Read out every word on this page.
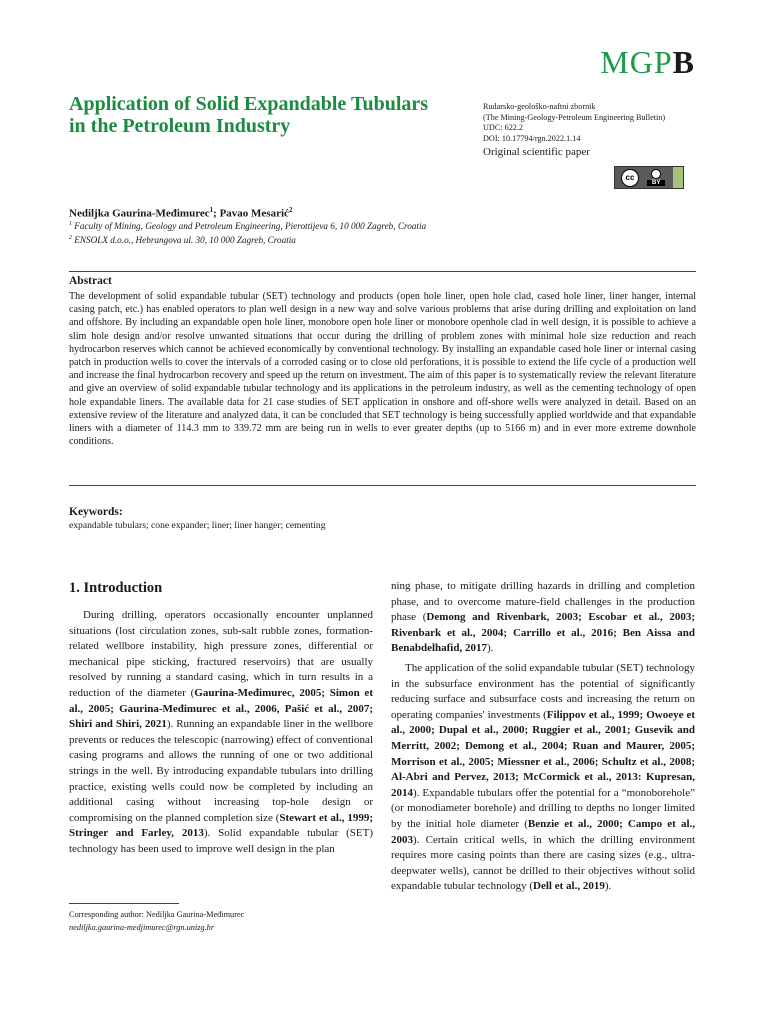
MGPB
Application of Solid Expandable Tubulars in the Petroleum Industry
Rudarsko-geološko-naftni zbornik
(The Mining-Geology-Petroleum Engineering Bulletin)
UDC: 622.2
DOI: 10.17794/rgn.2022.1.14
Original scientific paper
cc
BY
Nediljka Gaurina-Međimurec$^1$; Pavao Mesarić$^2$
$^1$ Faculty of Mining, Geology and Petroleum Engineering, Pierottijeva 6, 10 000 Zagreb, Croatia
$^2$ ENSOLX d.o.o., Hebrangova ul. 30, 10 000 Zagreb, Croatia
Abstract

The development of solid expandable tubular (SET) technology and products (open hole liner, open hole clad, cased hole liner, liner hanger, internal casing patch, etc.) has enabled operators to plan well design in a new way and solve various problems that arise during drilling and exploitation on land and offshore. By including an expandable open hole liner, monobore open hole liner or monobore openhole clad in well design, it is possible to achieve a slim hole design and/or resolve unwanted situations that occur during the drilling of problem zones with minimal hole size reduction and reach hydrocarbon reserves which cannot be achieved economically by conventional technology. By installing an expandable cased hole liner or internal casing patch in production wells to cover the intervals of a corroded casing or to close old perforations, it is possible to extend the life cycle of a production well and increase the final hydrocarbon recovery and speed up the return on investment. The aim of this paper is to systematically review the relevant literature and give an overview of solid expandable tubular technology and its applications in the petroleum industry, as well as the cementing technology of open hole expandable liners. The available data for 21 case studies of SET application in onshore and off-shore wells were analyzed in detail. Based on an extensive review of the literature and analyzed data, it can be concluded that SET technology is being successfully applied worldwide and that expandable liners with a diameter of 114.3 mm to 339.72 mm are being run in wells to ever greater depths (up to 5166 m) and in ever more extreme downhole conditions.

Keywords:
expandable tubulars; cone expander; liner; liner hanger; cementing
1. Introduction

During drilling, operators occasionally encounter unplanned situations (lost circulation zones, sub-salt rubble zones, formation-related wellbore instability, high pressure zones, differential or mechanical pipe sticking, fractured reservoirs) that are usually resolved by running a standard casing, which in turn results in a reduction of the diameter (Gaurina-Međimurec, 2005; Simon et al., 2005; Gaurina-Međimurec et al., 2006, Pašić et al., 2007; Shiri and Shiri, 2021). Running an expandable liner in the wellbore prevents or reduces the telescopic (narrowing) effect of conventional casing programs and allows the running of one or two additional strings in the well. By introducing expandable tubulars into drilling practice, existing wells could now be completed by including an additional casing without increasing top-hole design or compromising on the planned completion size (Stewart et al., 1999; Stringer and Farley, 2013). Solid expandable tubular (SET) technology has been used to improve well design in the plan

ning phase, to mitigate drilling hazards in drilling and completion phase, and to overcome mature-field challenges in the production phase (Demong and Rivenbark, 2003; Escobar et al., 2003; Rivenbark et al., 2004; Carrillo et al., 2016; Ben Aissa and Benabdelhafid, 2017).

The application of the solid expandable tubular (SET) technology in the subsurface environment has the potential of significantly reducing surface and subsurface costs and increasing the return on operating companies' investments (Filippov et al., 1999; Owoeye et al., 2000; Dupal et al., 2000; Ruggier et al., 2001; Gusevik and Merritt, 2002; Demong et al., 2004; Ruan and Maurer, 2005; Morrison et al., 2005; Miessner et al., 2006; Schultz et al., 2008; Al-Abri and Pervez, 2013; McCormick et al., 2013: Kupresan, 2014). Expandable tubulars offer the potential for a “monoborehole” (or monodiameter borehole) and drilling to depths no longer limited by the initial hole diameter (Benzie et al., 2000; Campo et al., 2003). Certain critical wells, in which the drilling environment requires more casing points than there are casing sizes (e.g., ultra-deepwater wells), cannot be drilled to their objectives without solid expandable tubular technology (Dell et al., 2019).

Corresponding author: Nediljka Gaurina-Međimurec
nediljka.gaurina-medjimurec@rgn.unizg.hr
